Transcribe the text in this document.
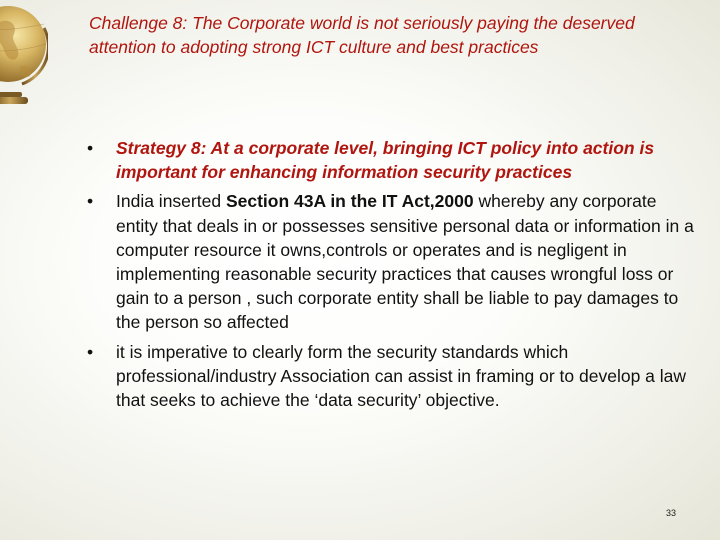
Challenge 8: The Corporate world is not seriously paying the deserved attention to adopting strong ICT culture and best practices
• Strategy 8: At a corporate level, bringing ICT policy into action is important for enhancing information security practices
• India inserted Section 43A in the IT Act,2000 whereby any corporate entity that deals in or possesses sensitive personal data or information in a computer resource it owns,controls or operates and is negligent in implementing reasonable security practices that causes wrongful loss or gain to a person , such corporate entity shall be liable to pay damages to the person so affected
• it is imperative to clearly form the security standards which professional/industry Association can assist in framing or to develop a law that seeks to achieve the ‘data security’ objective.
33
